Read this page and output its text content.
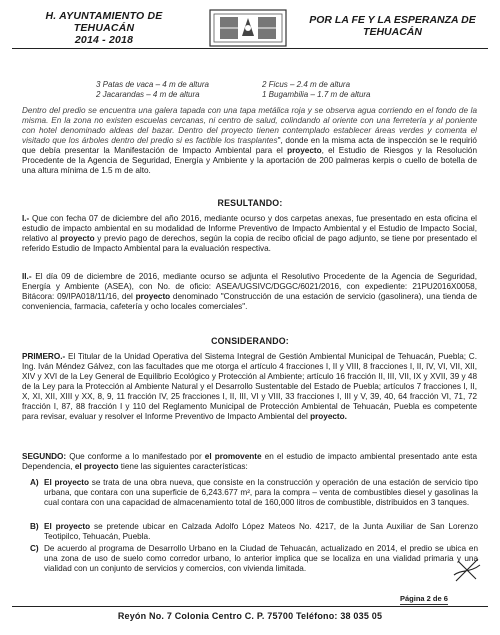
H. AYUNTAMIENTO DE TEHUACÁN
2014 - 2018
POR LA FE Y LA ESPERANZA DE
TEHUACÁN
3 Patas de vaca – 4 m de altura
2 Jacarandas – 4 m de altura
2 Ficus – 2.4 m de altura
1 Bugambilia – 1.7 m de altura
Dentro del predio se encuentra una galera tapada con una tapa metálica roja y se observa agua corriendo en el fondo de la misma. En la zona no existen escuelas cercanas, ni centro de salud, colindando al oriente con una ferretería y al poniente con hotel denominado aldeas del bazar. Dentro del proyecto tienen contemplado establecer áreas verdes y comenta el visitado que los árboles dentro del predio si es factible los trasplantes", donde en la misma acta de inspección se le requirió que debía presentar la Manifestación de Impacto Ambiental para el proyecto, el Estudio de Riesgos y la Resolución Procedente de la Agencia de Seguridad, Energía y Ambiente y la aportación de 200 palmeras kerpis o cuello de botella de una altura mínima de 1.5 m de alto.
RESULTANDO:
I.- Que con fecha 07 de diciembre del año 2016, mediante ocurso y dos carpetas anexas, fue presentado en esta oficina el estudio de impacto ambiental en su modalidad de Informe Preventivo de Impacto Ambiental y el Estudio de Impacto Social, relativo al proyecto y previo pago de derechos, según la copia de recibo oficial de pago adjunto, se tiene por presentado el referido Estudio de Impacto Ambiental para la evaluación respectiva.
II.- El día 09 de diciembre de 2016, mediante ocurso se adjunta el Resolutivo Procedente de la Agencia de Seguridad, Energía y Ambiente (ASEA), con No. de oficio: ASEA/UGSIVC/DGGC/6021/2016, con expediente: 21PU2016X0058, Bitácora: 09/IPA018/11/16, del proyecto denominado "Construcción de una estación de servicio (gasolinera), una tienda de conveniencia, farmacia, cafetería y ocho locales comerciales".
CONSIDERANDO:
PRIMERO.- El Titular de la Unidad Operativa del Sistema Integral de Gestión Ambiental Municipal de Tehuacán, Puebla; C. Ing. Iván Méndez Gálvez, con las facultades que me otorga el artículo 4 fracciones I, II y VIII, 8 fracciones I, II, IV, VI, VII, XII, XIV y XVI de la Ley General de Equilibrio Ecológico y Protección al Ambiente; artículo 16 fracción II, III, VII, IX y XVII, 39 y 48 de la Ley para la Protección al Ambiente Natural y el Desarrollo Sustentable del Estado de Puebla; artículos 7 fracciones I, II, X, XI, XII, XIII y XX, 8, 9, 11 fracción IV, 25 fracciones I, II, III, VI y VIII, 33 fracciones I, III y V, 39, 40, 64 fracción VI, 71, 72 fracción I, 87, 88 fracción I y 110 del Reglamento Municipal de Protección Ambiental de Tehuacán, Puebla es competente para revisar, evaluar y resolver el Informe Preventivo de Impacto Ambiental del proyecto.
SEGUNDO: Que conforme a lo manifestado por el promovente en el estudio de impacto ambiental presentado ante esta Dependencia, el proyecto tiene las siguientes características:
A) El proyecto se trata de una obra nueva, que consiste en la construcción y operación de una estación de servicio tipo urbana, que contara con una superficie de 6,243.677 m², para la compra – venta de combustibles diesel y gasolinas la cual contara con una capacidad de almacenamiento total de 160,000 litros de combustible, distribuidos en 3 tanques.
B) El proyecto se pretende ubicar en Calzada Adolfo López Mateos No. 4217, de la Junta Auxiliar de San Lorenzo Teotipilco, Tehuacán, Puebla.
C) De acuerdo al programa de Desarrollo Urbano en la Ciudad de Tehuacán, actualizado en 2014, el predio se ubica en una zona de uso de suelo como corredor urbano, lo anterior implica que se localiza en una vialidad primaria y una vialidad con un conjunto de servicios y comercios, con vivienda limitada.
Página 2 de 6
Reyón No. 7 Colonia Centro C. P. 75700 Teléfono: 38 035 05
